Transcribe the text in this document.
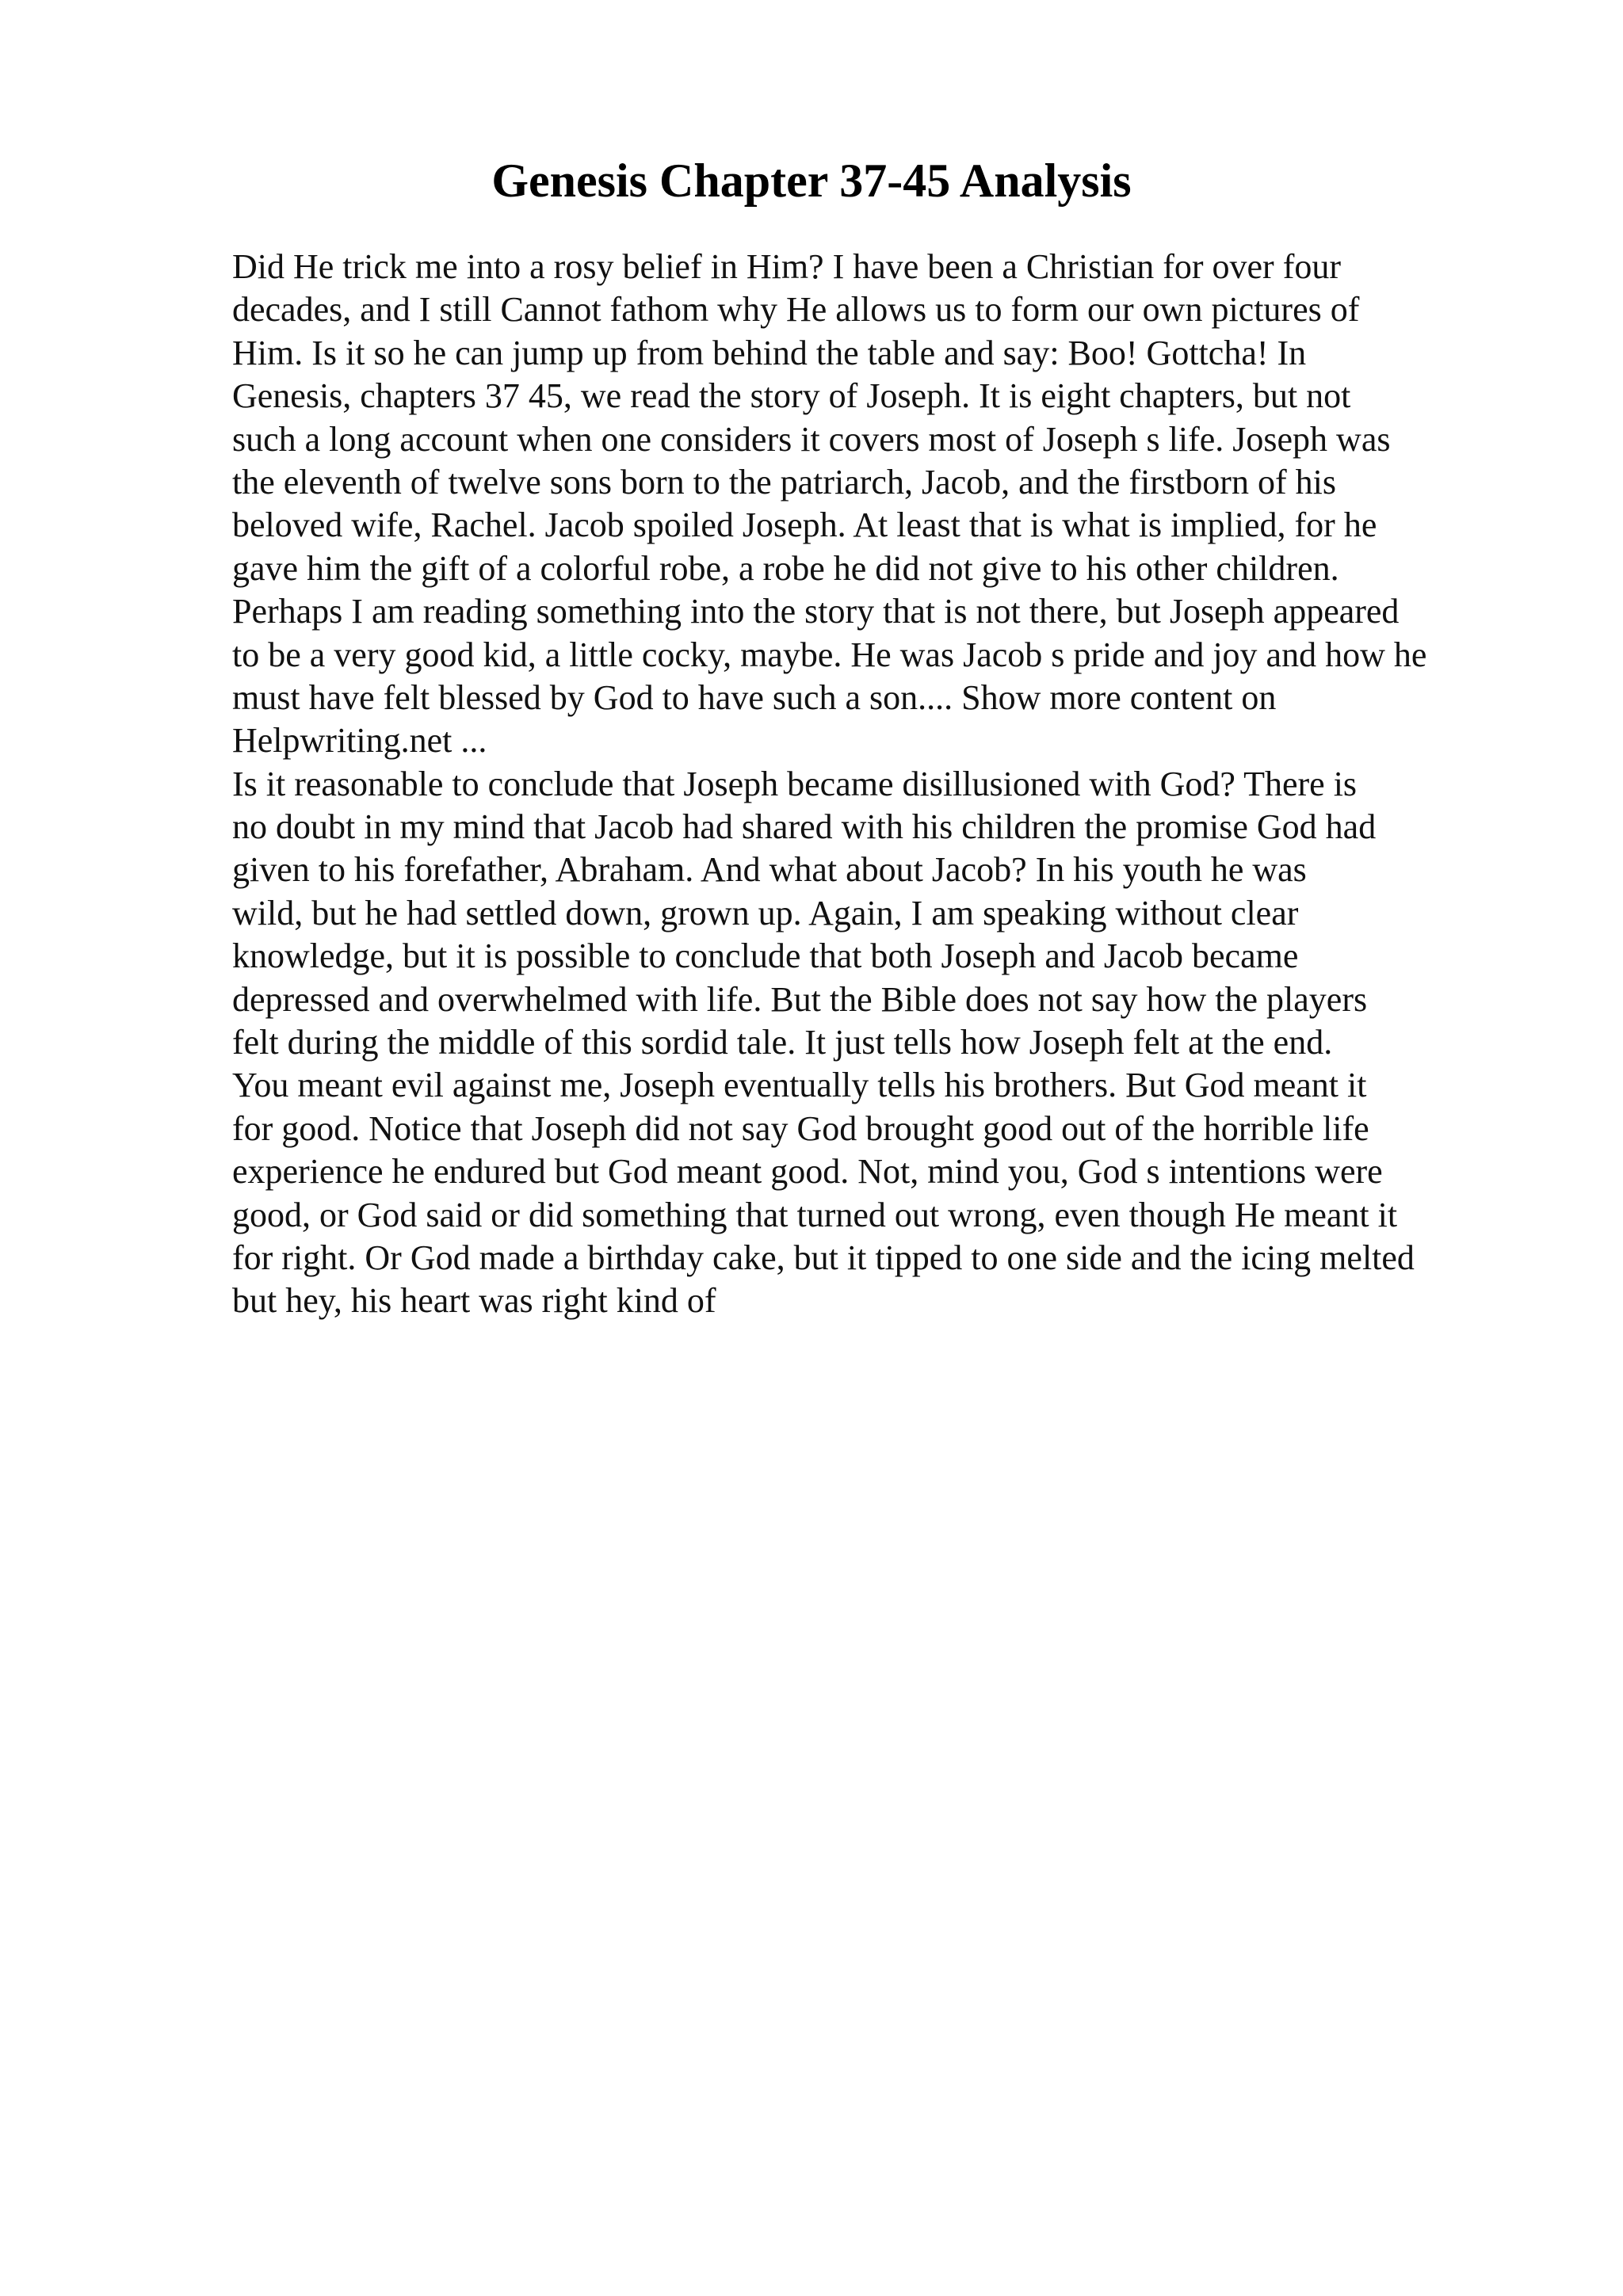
Genesis Chapter 37-45 Analysis
Did He trick me into a rosy belief in Him? I have been a Christian for over four
decades, and I still Cannot fathom why He allows us to form our own pictures of
Him. Is it so he can jump up from behind the table and say: Boo! Gottcha! In
Genesis, chapters 37 45, we read the story of Joseph. It is eight chapters, but not
such a long account when one considers it covers most of Joseph s life. Joseph was
the eleventh of twelve sons born to the patriarch, Jacob, and the firstborn of his
beloved wife, Rachel. Jacob spoiled Joseph. At least that is what is implied, for he
gave him the gift of a colorful robe, a robe he did not give to his other children.
Perhaps I am reading something into the story that is not there, but Joseph appeared
to be a very good kid, a little cocky, maybe. He was Jacob s pride and joy and how he
must have felt blessed by God to have such a son.... Show more content on
Helpwriting.net ...
Is it reasonable to conclude that Joseph became disillusioned with God? There is
no doubt in my mind that Jacob had shared with his children the promise God had
given to his forefather, Abraham. And what about Jacob? In his youth he was
wild, but he had settled down, grown up. Again, I am speaking without clear
knowledge, but it is possible to conclude that both Joseph and Jacob became
depressed and overwhelmed with life. But the Bible does not say how the players
felt during the middle of this sordid tale. It just tells how Joseph felt at the end.
You meant evil against me, Joseph eventually tells his brothers. But God meant it
for good. Notice that Joseph did not say God brought good out of the horrible life
experience he endured but God meant good. Not, mind you, God s intentions were
good, or God said or did something that turned out wrong, even though He meant it
for right. Or God made a birthday cake, but it tipped to one side and the icing melted
but hey, his heart was right kind of
